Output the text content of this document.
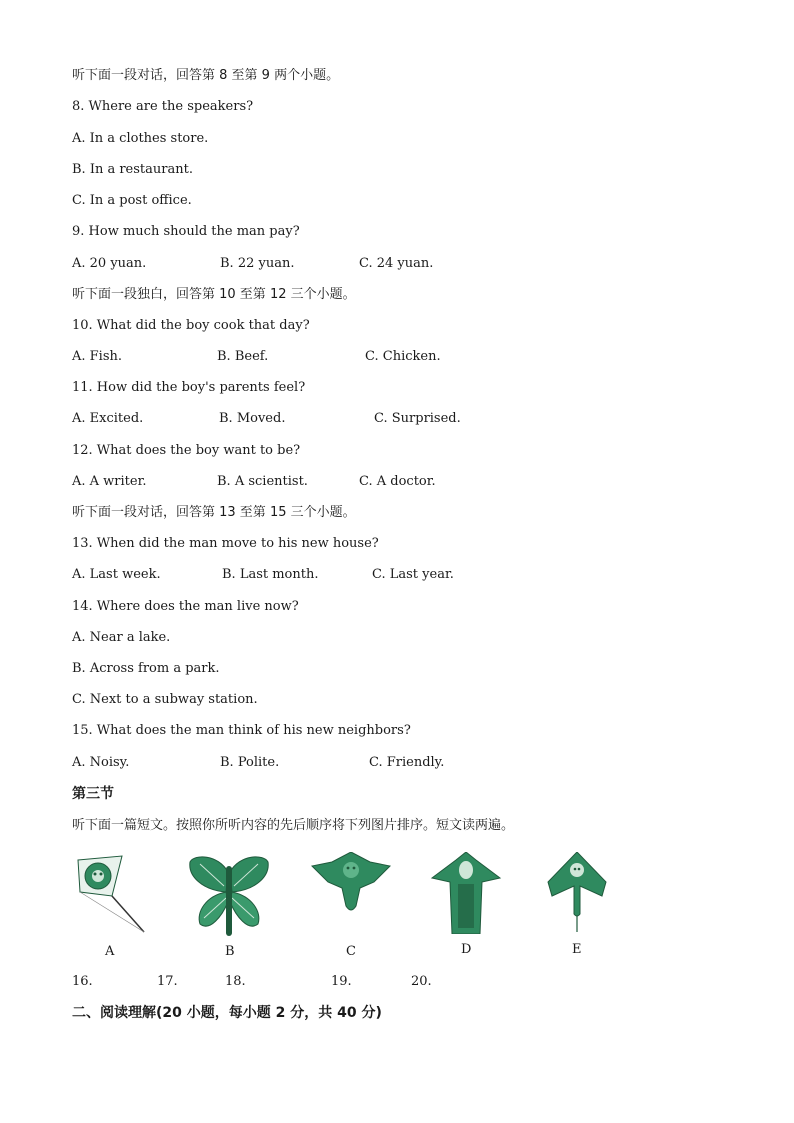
听下面一段对话，回答第 8 至第 9 两个小题。
8. Where are the speakers?
A. In a clothes store.
B. In a restaurant.
C. In a post office.
9. How much should the man pay?
A. 20 yuan.	B. 22 yuan.	C. 24 yuan.
听下面一段独白，回答第 10 至第 12 三个小题。
10. What did the boy cook that day?
A. Fish.	B. Beef.	C. Chicken.
11. How did the boy's parents feel?
A. Excited.	B. Moved.	C. Surprised.
12. What does the boy want to be?
A. A writer.	B. A scientist.	C. A doctor.
听下面一段对话，回答第 13 至第 15 三个小题。
13. When did the man move to his new house?
A. Last week.	B. Last month.	C. Last year.
14. Where does the man live now?
A. Near a lake.
B. Across from a park.
C. Next to a subway station.
15. What does the man think of his new neighbors?
A. Noisy.	B. Polite.	C. Friendly.
第三节
听下面一篇短文。按照你所听内容的先后顺序将下列图片排序。短文读两遍。
A	B	C	D	E
16.	17.	18.	19.	20.
二、阅读理解(20 小题，每小题 2 分，共 40 分)
